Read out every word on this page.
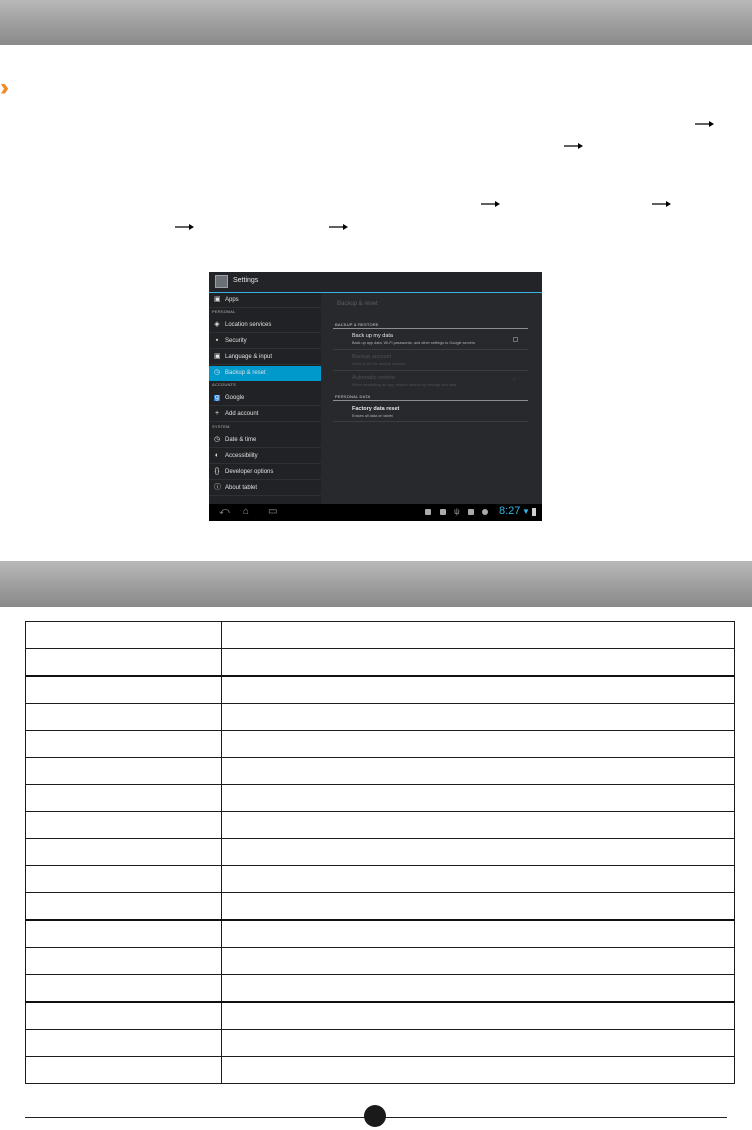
››
Settings
▣ Apps
PERSONAL
◈ Location services
▪ Security
▣ Language & input
◷ Backup & reset
ACCOUNTS
g Google
+ Add account
SYSTEM
◷ Date & time
◐ Accessibility
{} Developer options
ⓘ About tablet
Backup & reset
BACKUP & RESTORE
Back up my data
Back up app data, Wi-Fi passwords, and other settings to Google servers
Backup account
Need to set the backup account
Automatic restore
When reinstalling an app, restore backed up settings and data
✓
PERSONAL DATA
Factory data reset
Erases all data on tablet
⤺ ⌂ ▭	ψ	8:27 ▼
